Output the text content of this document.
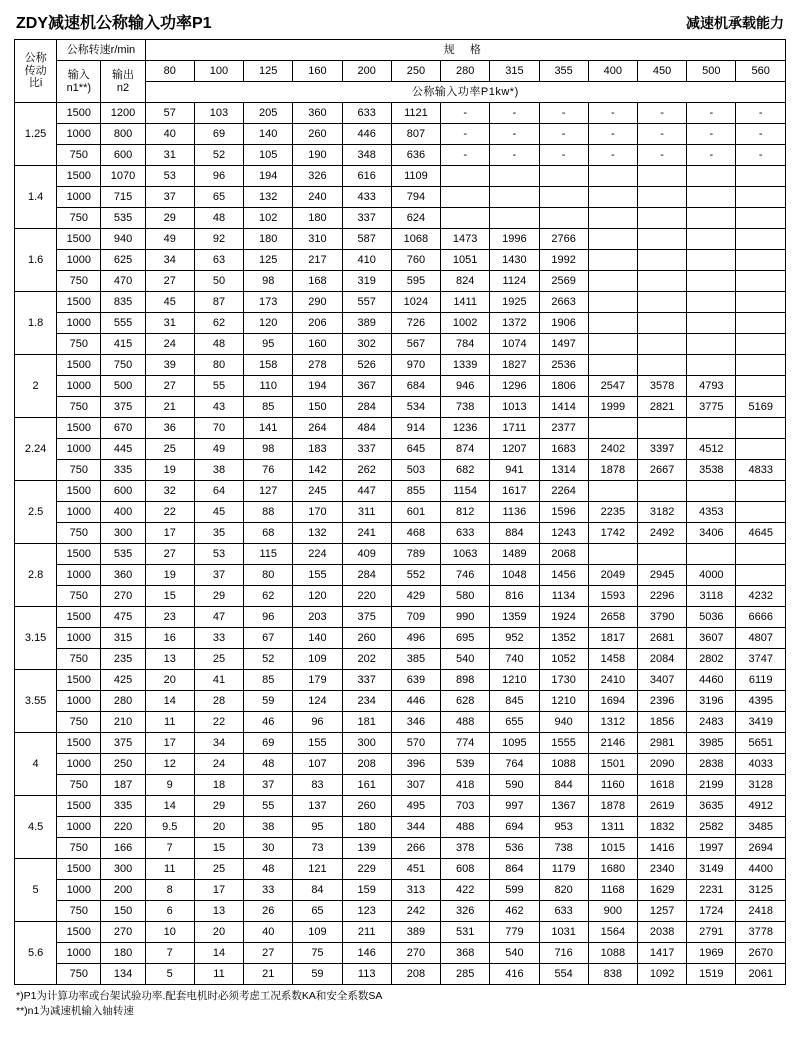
ZDY减速机公称输入功率P1	减速机承载能力
公称
传动
比i	公称转速r/min		规 格												

输入
n1**)

输出
n2
	80	100	125	160	200	250	280	315	355	400	450	500	560
			公称输入功率P1kw*)												
1.25	1500	1200	57	103	205	360	633	1121	-	-	-	-	-	-	-
	1000	800	40	69	140	260	446	807	-	-	-	-	-	-	-
	750	600	31	52	105	190	348	636	-	-	-	-	-	-	-
1.4	1500	1070	53	96	194	326	616	1109							
	1000	715	37	65	132	240	433	794							
	750	535	29	48	102	180	337	624							
1.6	1500	940	49	92	180	310	587	1068	1473	1996	2766				
	1000	625	34	63	125	217	410	760	1051	1430	1992				
	750	470	27	50	98	168	319	595	824	1124	2569				
1.8	1500	835	45	87	173	290	557	1024	1411	1925	2663				
	1000	555	31	62	120	206	389	726	1002	1372	1906				
	750	415	24	48	95	160	302	567	784	1074	1497				
2	1500	750	39	80	158	278	526	970	1339	1827	2536				
	1000	500	27	55	110	194	367	684	946	1296	1806	2547	3578	4793	
	750	375	21	43	85	150	284	534	738	1013	1414	1999	2821	3775	5169
2.24	1500	670	36	70	141	264	484	914	1236	1711	2377				
	1000	445	25	49	98	183	337	645	874	1207	1683	2402	3397	4512	
	750	335	19	38	76	142	262	503	682	941	1314	1878	2667	3538	4833
2.5	1500	600	32	64	127	245	447	855	1154	1617	2264				
	1000	400	22	45	88	170	311	601	812	1136	1596	2235	3182	4353	
	750	300	17	35	68	132	241	468	633	884	1243	1742	2492	3406	4645
2.8	1500	535	27	53	115	224	409	789	1063	1489	2068				
	1000	360	19	37	80	155	284	552	746	1048	1456	2049	2945	4000	
	750	270	15	29	62	120	220	429	580	816	1134	1593	2296	3118	4232
3.15	1500	475	23	47	96	203	375	709	990	1359	1924	2658	3790	5036	6666
	1000	315	16	33	67	140	260	496	695	952	1352	1817	2681	3607	4807
	750	235	13	25	52	109	202	385	540	740	1052	1458	2084	2802	3747
3.55	1500	425	20	41	85	179	337	639	898	1210	1730	2410	3407	4460	6119
	1000	280	14	28	59	124	234	446	628	845	1210	1694	2396	3196	4395
	750	210	11	22	46	96	181	346	488	655	940	1312	1856	2483	3419
4	1500	375	17	34	69	155	300	570	774	1095	1555	2146	2981	3985	5651
	1000	250	12	24	48	107	208	396	539	764	1088	1501	2090	2838	4033
	750	187	9	18	37	83	161	307	418	590	844	1160	1618	2199	3128
4.5	1500	335	14	29	55	137	260	495	703	997	1367	1878	2619	3635	4912
	1000	220	9.5	20	38	95	180	344	488	694	953	1311	1832	2582	3485
	750	166	7	15	30	73	139	266	378	536	738	1015	1416	1997	2694
5	1500	300	11	25	48	121	229	451	608	864	1179	1680	2340	3149	4400
	1000	200	8	17	33	84	159	313	422	599	820	1168	1629	2231	3125
	750	150	6	13	26	65	123	242	326	462	633	900	1257	1724	2418
5.6	1500	270	10	20	40	109	211	389	531	779	1031	1564	2038	2791	3778
	1000	180	7	14	27	75	146	270	368	540	716	1088	1417	1969	2670
	750	134	5	11	21	59	113	208	285	416	554	838	1092	1519	2061
*)P1为计算功率或台架试验功率.配套电机时必须考虑工况系数KA和安全系数SA
**)n1为减速机输入轴转速
